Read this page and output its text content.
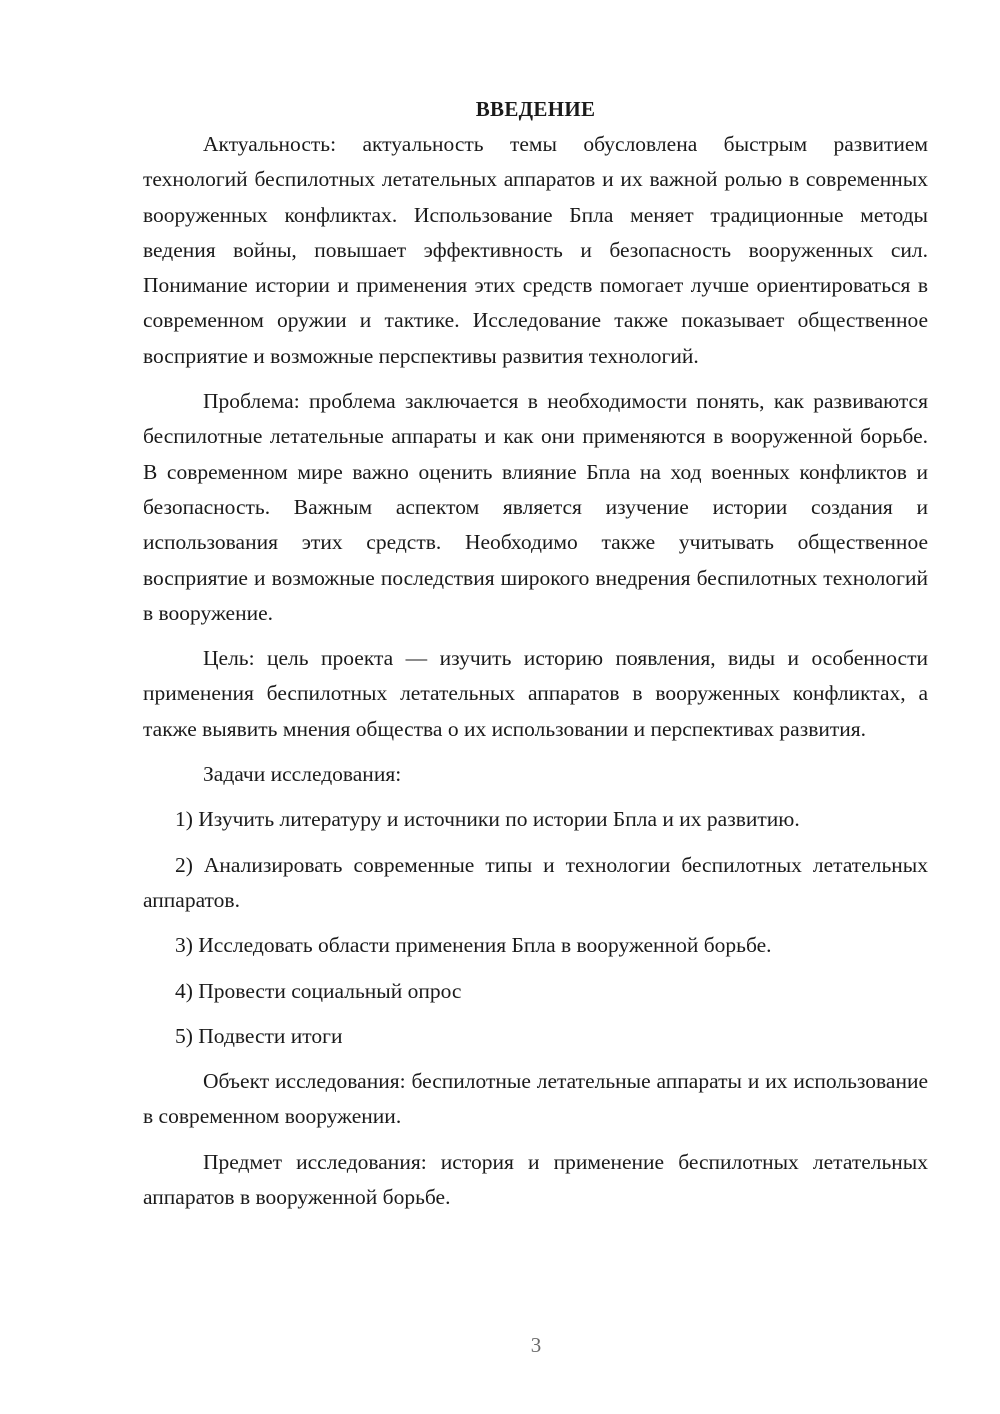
ВВЕДЕНИЕ

Актуальность: актуальность темы обусловлена быстрым развитием технологий беспилотных летательных аппаратов и их важной ролью в современных вооруженных конфликтах. Использование Бпла меняет традиционные методы ведения войны, повышает эффективность и безопасность вооруженных сил. Понимание истории и применения этих средств помогает лучше ориентироваться в современном оружии и тактике. Исследование также показывает общественное восприятие и возможные перспективы развития технологий.

Проблема: проблема заключается в необходимости понять, как развиваются беспилотные летательные аппараты и как они применяются в вооруженной борьбе. В современном мире важно оценить влияние Бпла на ход военных конфликтов и безопасность. Важным аспектом является изучение истории создания и использования этих средств. Необходимо также учитывать общественное восприятие и возможные последствия широкого внедрения беспилотных технологий в вооружение.

Цель: цель проекта — изучить историю появления, виды и особенности применения беспилотных летательных аппаратов в вооруженных конфликтах, а также выявить мнения общества о их использовании и перспективах развития.

Задачи исследования:

1) Изучить литературу и источники по истории Бпла и их развитию.

2) Анализировать современные типы и технологии беспилотных летательных аппаратов.

3) Исследовать области применения Бпла в вооруженной борьбе.

4) Провести социальный опрос

5) Подвести итоги

Объект исследования: беспилотные летательные аппараты и их использование в современном вооружении.

Предмет исследования: история и применение беспилотных летательных аппаратов в вооруженной борьбе.

3
